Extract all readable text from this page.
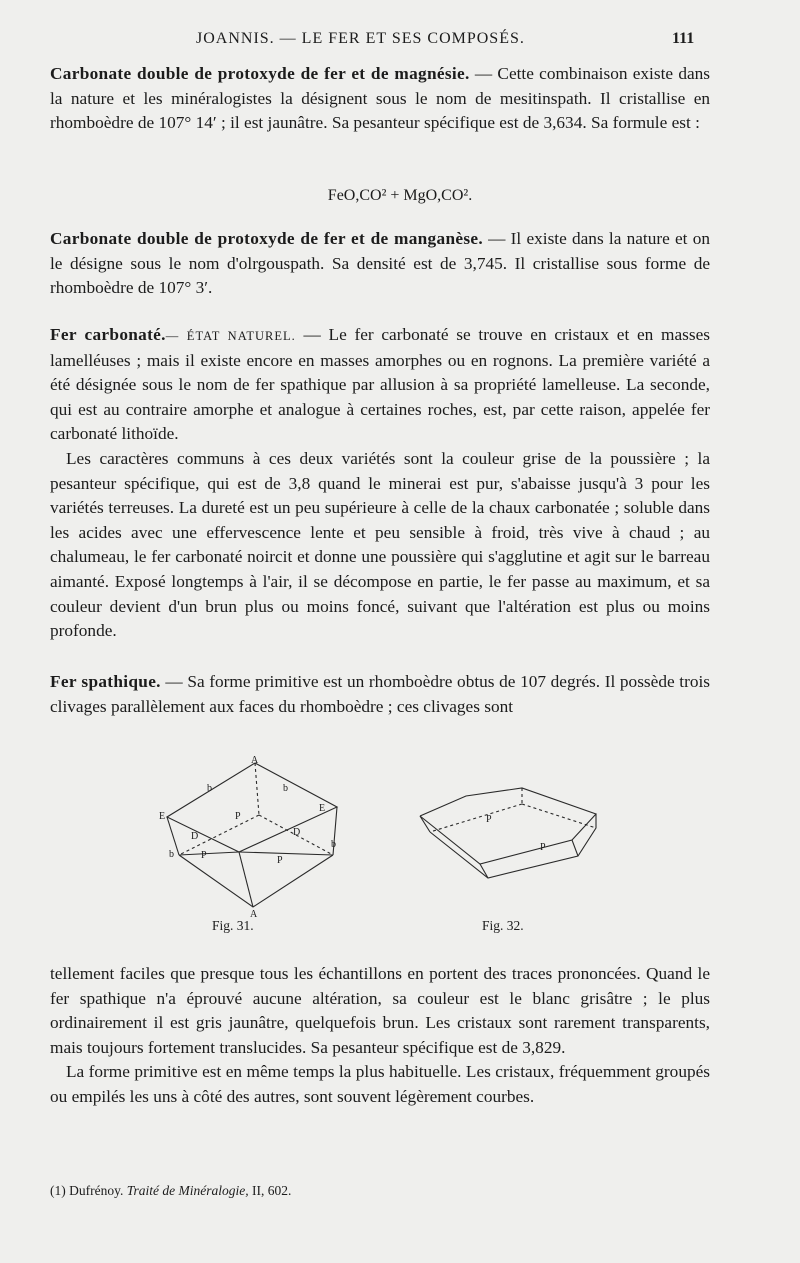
JOANNIS. — LE FER ET SES COMPOSÉS.	111

Carbonate double de protoxyde de fer et de magnésie. — Cette combinaison existe dans la nature et les minéralogistes la désignent sous le nom de mesitinspath. Il cristallise en rhomboèdre de 107° 14′ ; il est jaunâtre. Sa pesanteur spécifique est de 3,634. Sa formule est :

FeO,CO² + MgO,CO².

Carbonate double de protoxyde de fer et de manganèse. — Il existe dans la nature et on le désigne sous le nom d'olrgouspath. Sa densité est de 3,745. Il cristallise sous forme de rhomboèdre de 107° 3′.

Fer carbonaté.— ÉTAT NATUREL. — Le fer carbonaté se trouve en cristaux et en masses lamelléuses ; mais il existe encore en masses amorphes ou en rognons. La première variété a été désignée sous le nom de fer spathique par allusion à sa propriété lamelleuse. La seconde, qui est au contraire amorphe et analogue à certaines roches, est, par cette raison, appelée fer carbonaté lithoïde.

Les caractères communs à ces deux variétés sont la couleur grise de la poussière ; la pesanteur spécifique, qui est de 3,8 quand le minerai est pur, s'abaisse jusqu'à 3 pour les variétés terreuses. La dureté est un peu supérieure à celle de la chaux carbonatée ; soluble dans les acides avec une effervescence lente et peu sensible à froid, très vive à chaud ; au chalumeau, le fer carbonaté noircit et donne une poussière qui s'agglutine et agit sur le barreau aimanté. Exposé longtemps à l'air, il se décompose en partie, le fer passe au maximum, et sa couleur devient d'un brun plus ou moins foncé, suivant que l'altération est plus ou moins profonde.

Fer spathique. — Sa forme primitive est un rhomboèdre obtus de 107 degrés. Il possède trois clivages parallèlement aux faces du rhomboèdre ; ces clivages sont

A
E
E
P
P	P
D	D
b	b
b
b
A
Fig. 31.
P
P
Fig. 32.

tellement faciles que presque tous les échantillons en portent des traces prononcées. Quand le fer spathique n'a éprouvé aucune altération, sa couleur est le blanc grisâtre ; le plus ordinairement il est gris jaunâtre, quelquefois brun. Les cristaux sont rarement transparents, mais toujours fortement translucides. Sa pesanteur spécifique est de 3,829.

La forme primitive est en même temps la plus habituelle. Les cristaux, fréquemment groupés ou empilés les uns à côté des autres, sont souvent légèrement courbes.

(1) Dufrénoy. Traité de Minéralogie, II, 602.
